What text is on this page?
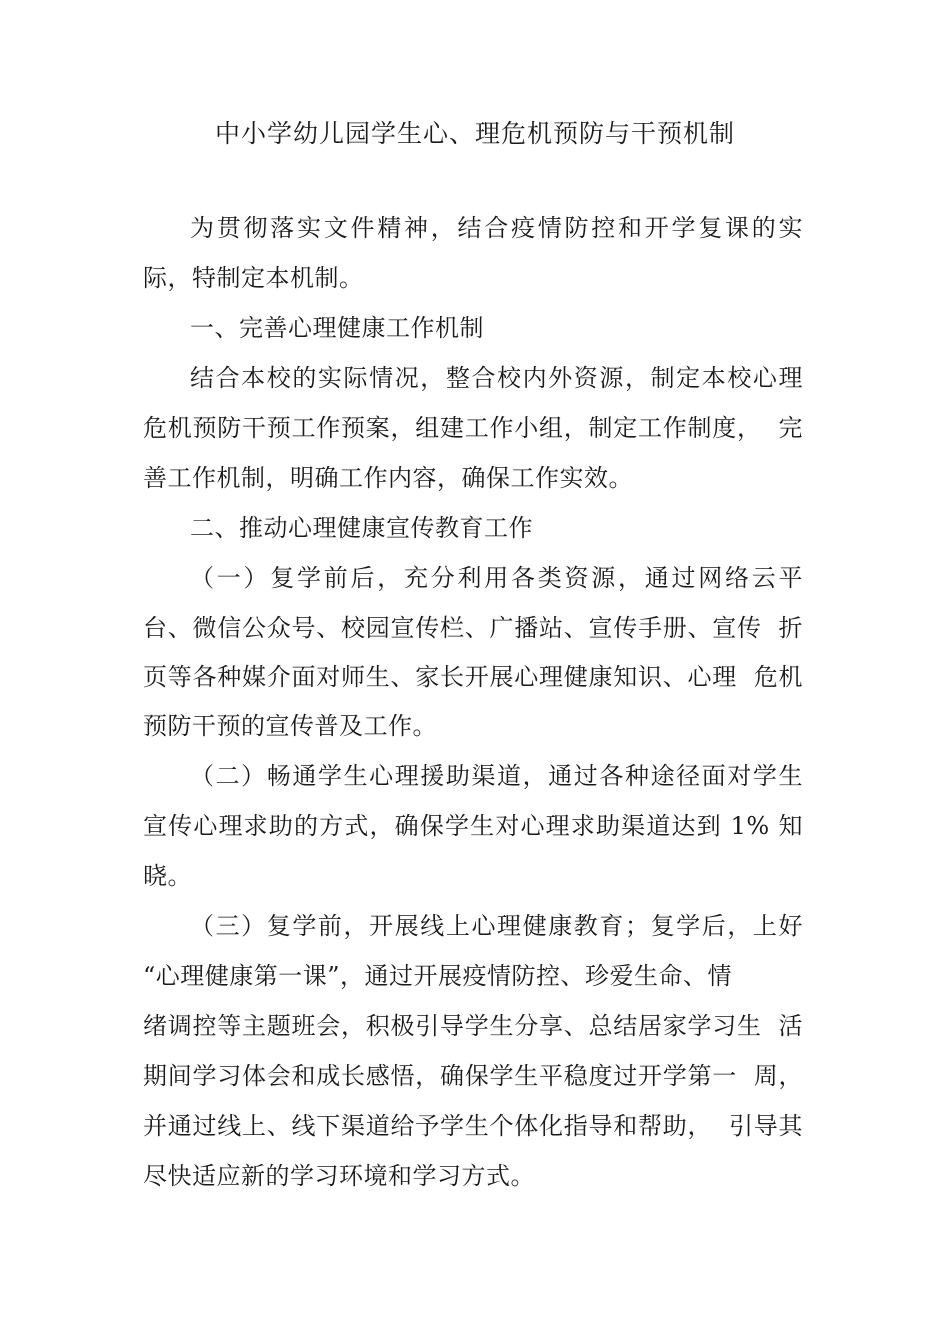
中小学幼儿园学生心、理危机预防与干预机制
为贯彻落实文件精神，结合疫情防控和开学复课的实
际，特制定本机制。
一、完善心理健康工作机制
结合本校的实际情况，整合校内外资源，制定本校心理
危机预防干预工作预案，组建工作小组，制定工作制度，  完
善工作机制，明确工作内容，确保工作实效。
二、推动心理健康宣传教育工作
（一）复学前后，充分利用各类资源，通过网络云平
台、微信公众号、校园宣传栏、广播站、宣传手册、宣传  折
页等各种媒介面对师生、家长开展心理健康知识、心理  危机
预防干预的宣传普及工作。
（二）畅通学生心理援助渠道，通过各种途径面对学生
宣传心理求助的方式，确保学生对心理求助渠道达到 1% 知
晓。
（三）复学前，开展线上心理健康教育；复学后，上好
“心理健康第一课”，通过开展疫情防控、珍爱生命、情
绪调控等主题班会，积极引导学生分享、总结居家学习生  活
期间学习体会和成长感悟，确保学生平稳度过开学第一  周，
并通过线上、线下渠道给予学生个体化指导和帮助，  引导其
尽快适应新的学习环境和学习方式。
